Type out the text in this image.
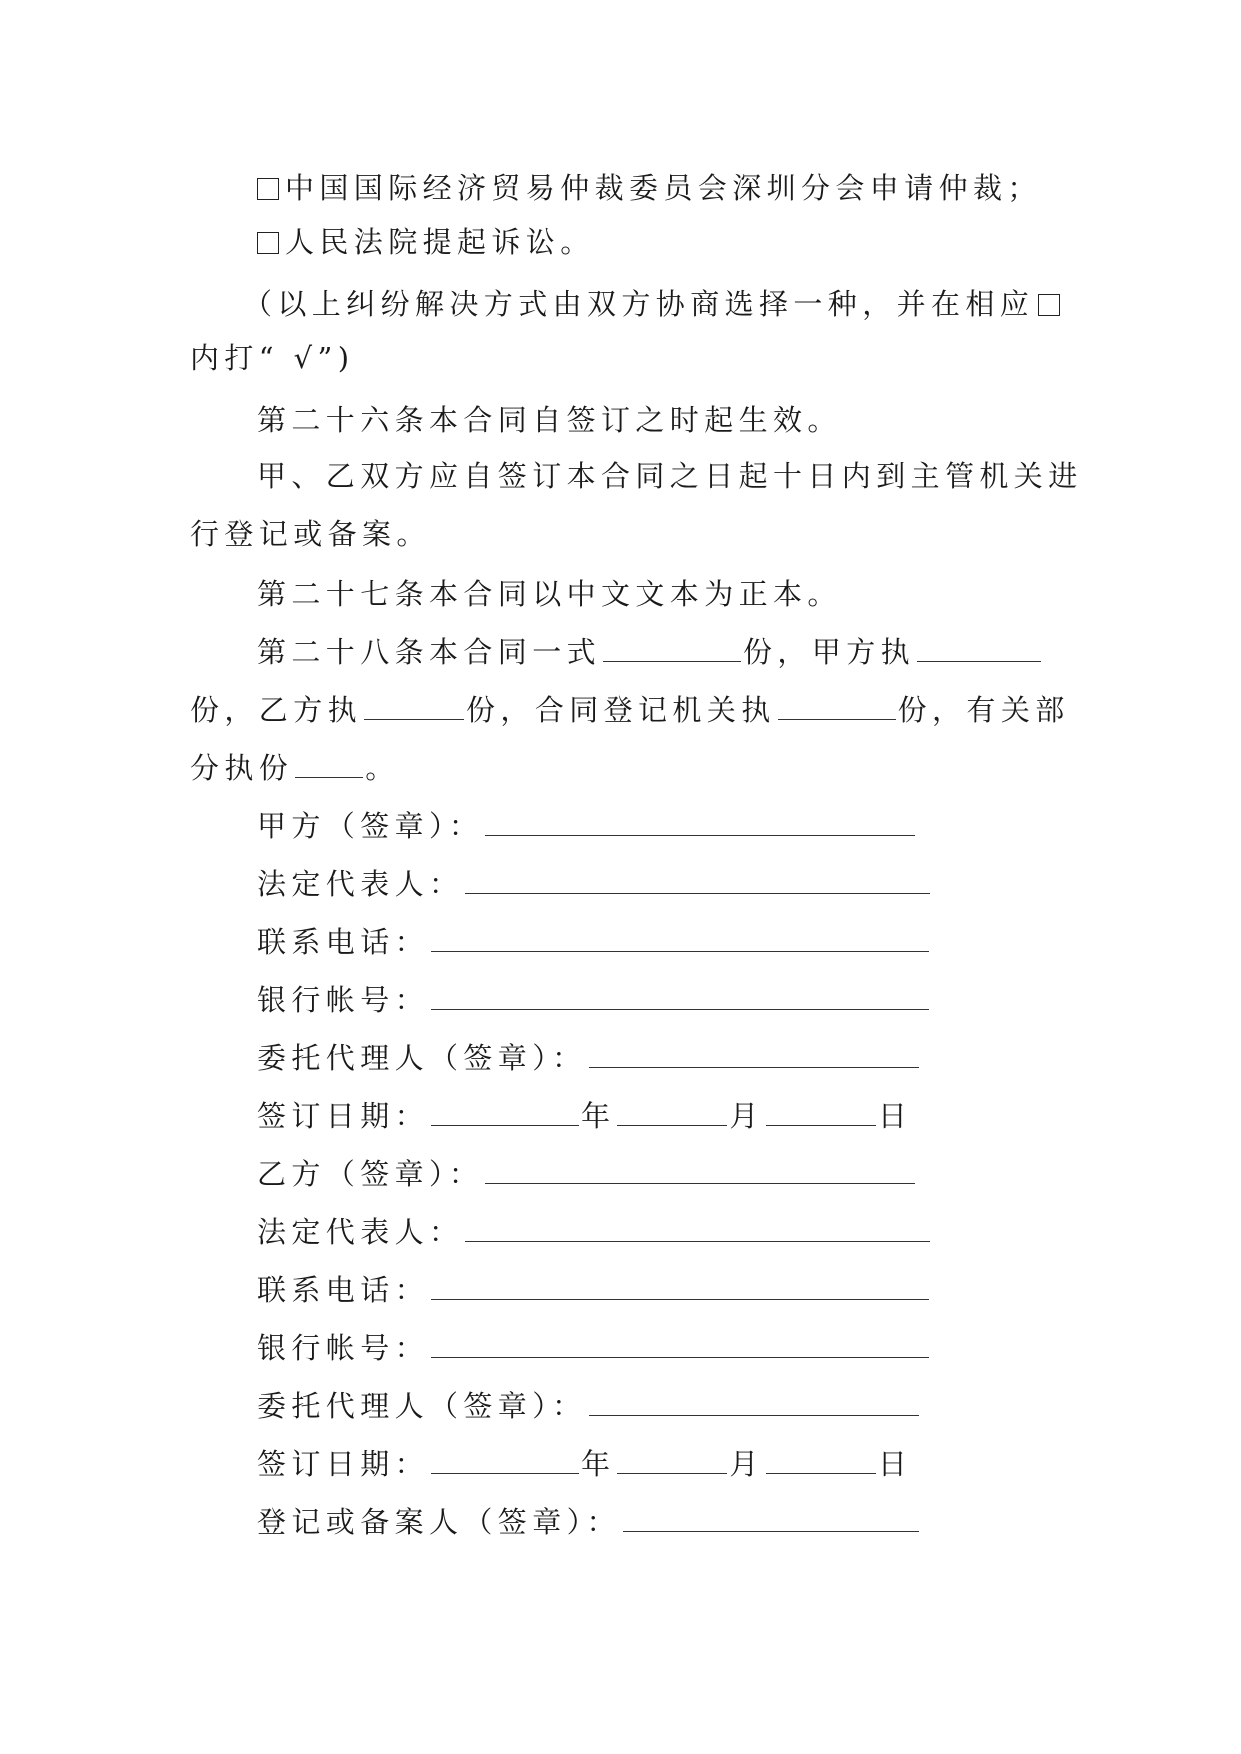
中国国际经济贸易仲裁委员会深圳分会申请仲裁；
人民法院提起诉讼。
（以上纠纷解决方式由双方协商选择一种，并在相应
内打“ √”)
第二十六条本合同自签订之时起生效。
甲、乙双方应自签订本合同之日起十日内到主管机关进
行登记或备案。
第二十七条本合同以中文文本为正本。
第二十八条本合同一式	份，甲方执
份，乙方执	份，合同登记机关执	份，有关部
分执份 。
甲方（签章）：
法定代表人：
联系电话：
银行帐号：
委托代理人（签章）：
签订日期：	年	月	日
乙方（签章）：
法定代表人：
联系电话：
银行帐号：
委托代理人（签章）：
签订日期：	年	月	日
登记或备案人（签章）：
